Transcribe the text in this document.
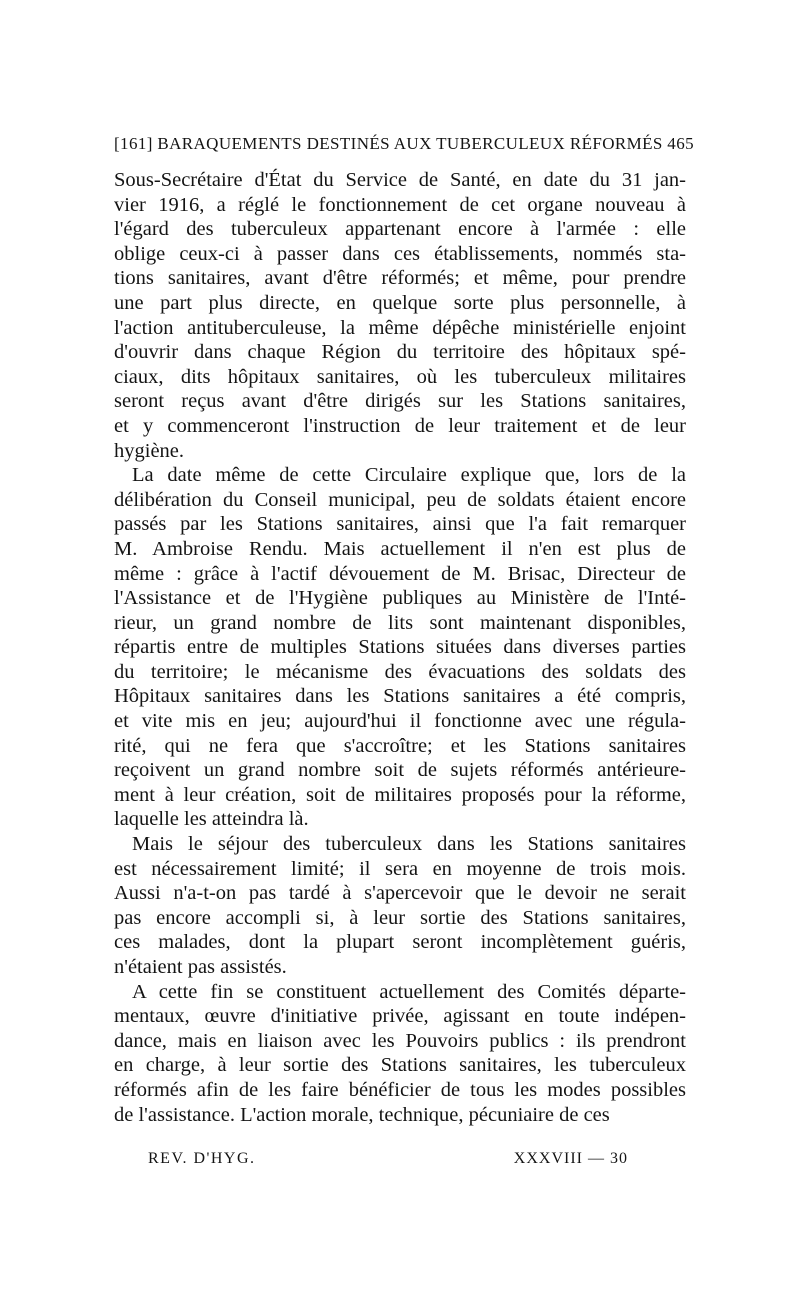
[161] BARAQUEMENTS DESTINÉS AUX TUBERCULEUX RÉFORMÉS 465
Sous-Secrétaire d'État du Service de Santé, en date du 31 jan-
vier 1916, a réglé le fonctionnement de cet organe nouveau à
l'égard des tuberculeux appartenant encore à l'armée : elle
oblige ceux-ci à passer dans ces établissements, nommés sta-
tions sanitaires, avant d'être réformés; et même, pour prendre
une part plus directe, en quelque sorte plus personnelle, à
l'action antituberculeuse, la même dépêche ministérielle enjoint
d'ouvrir dans chaque Région du territoire des hôpitaux spé-
ciaux, dits hôpitaux sanitaires, où les tuberculeux militaires
seront reçus avant d'être dirigés sur les Stations sanitaires,
et y commenceront l'instruction de leur traitement et de leur
hygiène.
La date même de cette Circulaire explique que, lors de la
délibération du Conseil municipal, peu de soldats étaient encore
passés par les Stations sanitaires, ainsi que l'a fait remarquer
M. Ambroise Rendu. Mais actuellement il n'en est plus de
même : grâce à l'actif dévouement de M. Brisac, Directeur de
l'Assistance et de l'Hygiène publiques au Ministère de l'Inté-
rieur, un grand nombre de lits sont maintenant disponibles,
répartis entre de multiples Stations situées dans diverses parties
du territoire; le mécanisme des évacuations des soldats des
Hôpitaux sanitaires dans les Stations sanitaires a été compris,
et vite mis en jeu; aujourd'hui il fonctionne avec une régula-
rité, qui ne fera que s'accroître; et les Stations sanitaires
reçoivent un grand nombre soit de sujets réformés antérieure-
ment à leur création, soit de militaires proposés pour la réforme,
laquelle les atteindra là.
Mais le séjour des tuberculeux dans les Stations sanitaires
est nécessairement limité; il sera en moyenne de trois mois.
Aussi n'a-t-on pas tardé à s'apercevoir que le devoir ne serait
pas encore accompli si, à leur sortie des Stations sanitaires,
ces malades, dont la plupart seront incomplètement guéris,
n'étaient pas assistés.
A cette fin se constituent actuellement des Comités départe-
mentaux, œuvre d'initiative privée, agissant en toute indépen-
dance, mais en liaison avec les Pouvoirs publics : ils prendront
en charge, à leur sortie des Stations sanitaires, les tuberculeux
réformés afin de les faire bénéficier de tous les modes possibles
de l'assistance. L'action morale, technique, pécuniaire de ces
REV. D'HYG.	XXXVIII — 30
